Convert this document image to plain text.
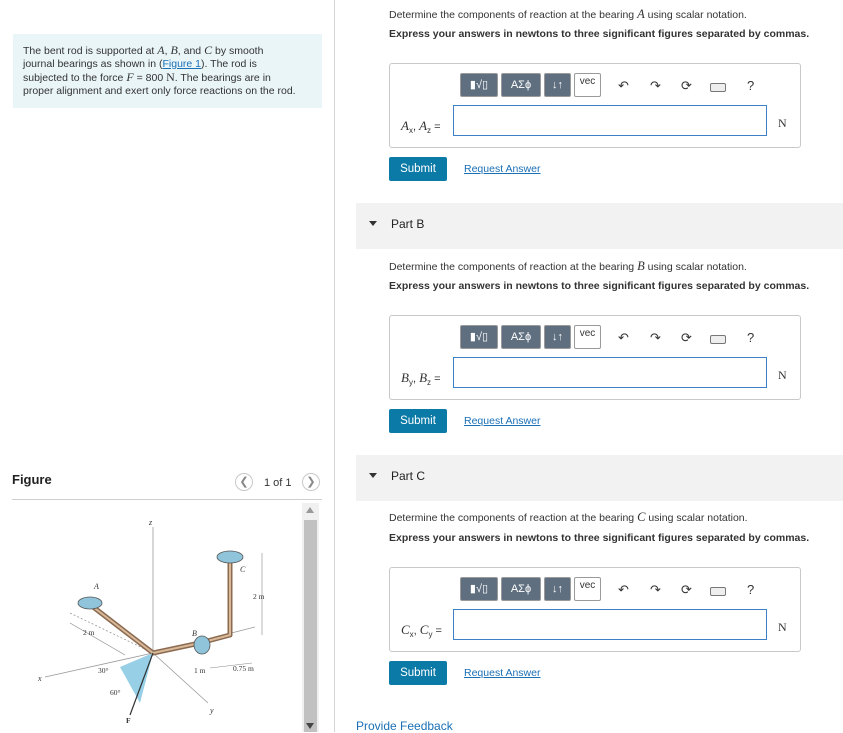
The bent rod is supported at A, B, and C by smooth
journal bearings as shown in (Figure 1). The rod is
subjected to the force F = 800 N. The bearings are in
proper alignment and exert only force reactions on the rod.
Figure	❮	1 of 1	❯
z
x
y
A
B
C
2 m
2 m
1 m	0.75 m
30°
60°
F
Determine the components of reaction at the bearing A using scalar notation.
Express your answers in newtons to three significant figures separated by commas.
▮√▯	ΑΣϕ	↓↑	vec	↶ ↷ ⟳	?
$A_x$, $A_z$ =	N
Submit	Request Answer
Part B
Determine the components of reaction at the bearing B using scalar notation.
Express your answers in newtons to three significant figures separated by commas.
▮√▯	ΑΣϕ	↓↑	vec	↶ ↷ ⟳	?
$B_y$, $B_z$ =	N
Submit	Request Answer
Part C
Determine the components of reaction at the bearing C using scalar notation.
Express your answers in newtons to three significant figures separated by commas.
▮√▯	ΑΣϕ	↓↑	vec	↶ ↷ ⟳	?
$C_x$, $C_y$ =	N
Submit	Request Answer
Provide Feedback
